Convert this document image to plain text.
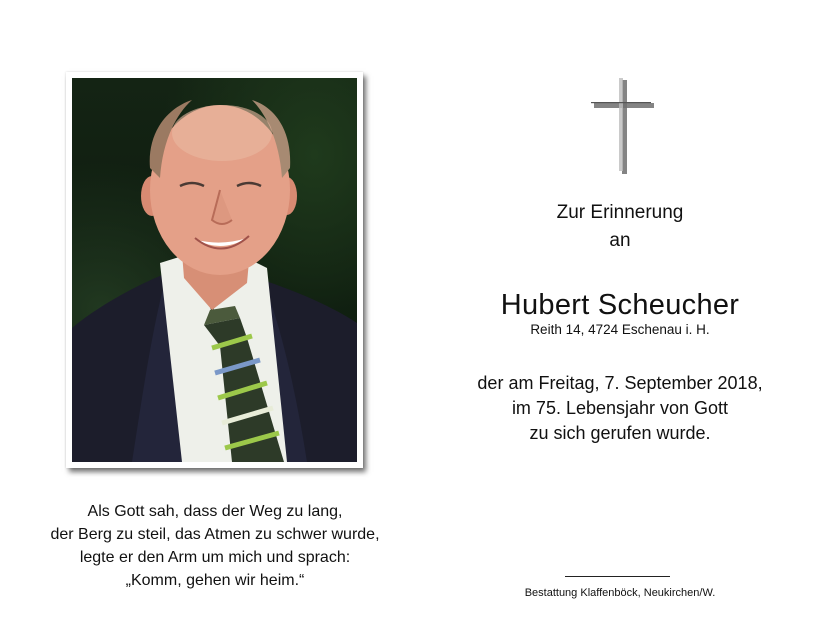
Zur Erinnerung
an
Hubert Scheucher
Reith 14, 4724 Eschenau i. H.
der am Freitag, 7. September 2018,
im 75. Lebensjahr von Gott
zu sich gerufen wurde.
Als Gott sah, dass der Weg zu lang,
der Berg zu steil, das Atmen zu schwer wurde,
legte er den Arm um mich und sprach:
„Komm, gehen wir heim.“
Bestattung Klaffenböck, Neukirchen/W.
